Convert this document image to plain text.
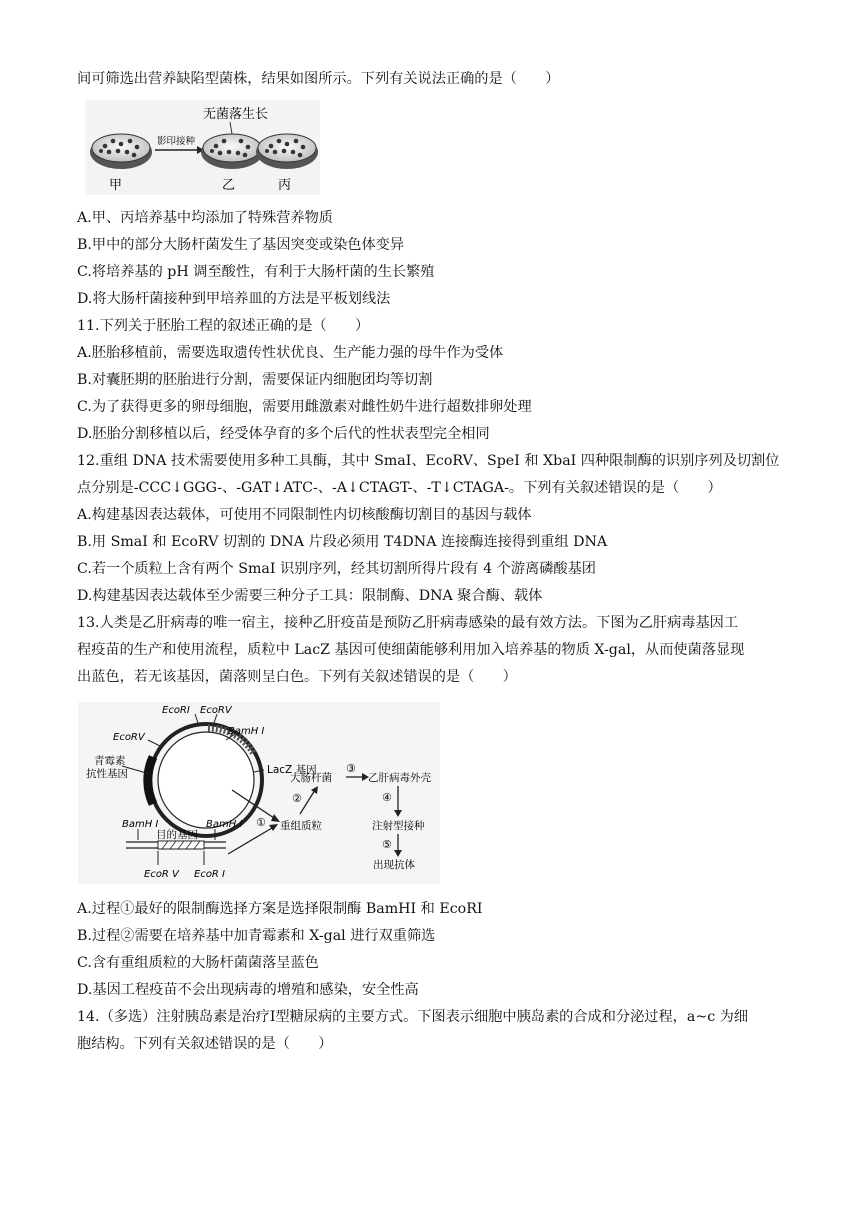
间可筛选出营养缺陷型菌株，结果如图所示。下列有关说法正确的是（　　）
无菌落生长
影印接种
甲	乙	丙
A.甲、丙培养基中均添加了特殊营养物质
B.甲中的部分大肠杆菌发生了基因突变或染色体变异
C.将培养基的 pH 调至酸性，有利于大肠杆菌的生长繁殖
D.将大肠杆菌接种到甲培养皿的方法是平板划线法
11.下列关于胚胎工程的叙述正确的是（　　）
A.胚胎移植前，需要选取遗传性状优良、生产能力强的母牛作为受体
B.对囊胚期的胚胎进行分割，需要保证内细胞团均等切割
C.为了获得更多的卵母细胞，需要用雌激素对雌性奶牛进行超数排卵处理
D.胚胎分割移植以后，经受体孕育的多个后代的性状表型完全相同
12.重组 DNA 技术需要使用多种工具酶，其中 SmaI、EcoRV、SpeI 和 XbaI 四种限制酶的识别序列及切割位
点分别是-CCC↓GGG-、-GAT↓ATC-、-A↓CTAGT-、-T↓CTAGA-。下列有关叙述错误的是（　　）
A.构建基因表达载体，可使用不同限制性内切核酸酶切割目的基因与载体
B.用 SmaI 和 EcoRV 切割的 DNA 片段必须用 T4DNA 连接酶连接得到重组 DNA
C.若一个质粒上含有两个 SmaI 识别序列，经其切割所得片段有 4 个游离磷酸基团
D.构建基因表达载体至少需要三种分子工具：限制酶、DNA 聚合酶、载体
13.人类是乙肝病毒的唯一宿主，接种乙肝疫苗是预防乙肝病毒感染的最有效方法。下图为乙肝病毒基因工
程疫苗的生产和使用流程，质粒中 LacZ 基因可使细菌能够利用加入培养基的物质 X-gal，从而使菌落显现
出蓝色，若无该基因，菌落则呈白色。下列有关叙述错误的是（　　）
EcoRI EcoRV
EcoRV
BamH Ⅰ
青霉素
抗性基因	LacZ 基因
BamH Ⅰ	BamH Ⅰ
目的基因
EcoR Ⅴ EcoR Ⅰ
① 重组质粒
②
大肠杆菌
③
乙肝病毒外壳
④
注射型接种
⑤
出现抗体
A.过程①最好的限制酶选择方案是选择限制酶 BamHI 和 EcoRI
B.过程②需要在培养基中加青霉素和 X-gal 进行双重筛选
C.含有重组质粒的大肠杆菌菌落呈蓝色
D.基因工程疫苗不会出现病毒的增殖和感染，安全性高
14.（多选）注射胰岛素是治疗Ⅰ型糖尿病的主要方式。下图表示细胞中胰岛素的合成和分泌过程，a~c 为细
胞结构。下列有关叙述错误的是（　　）
